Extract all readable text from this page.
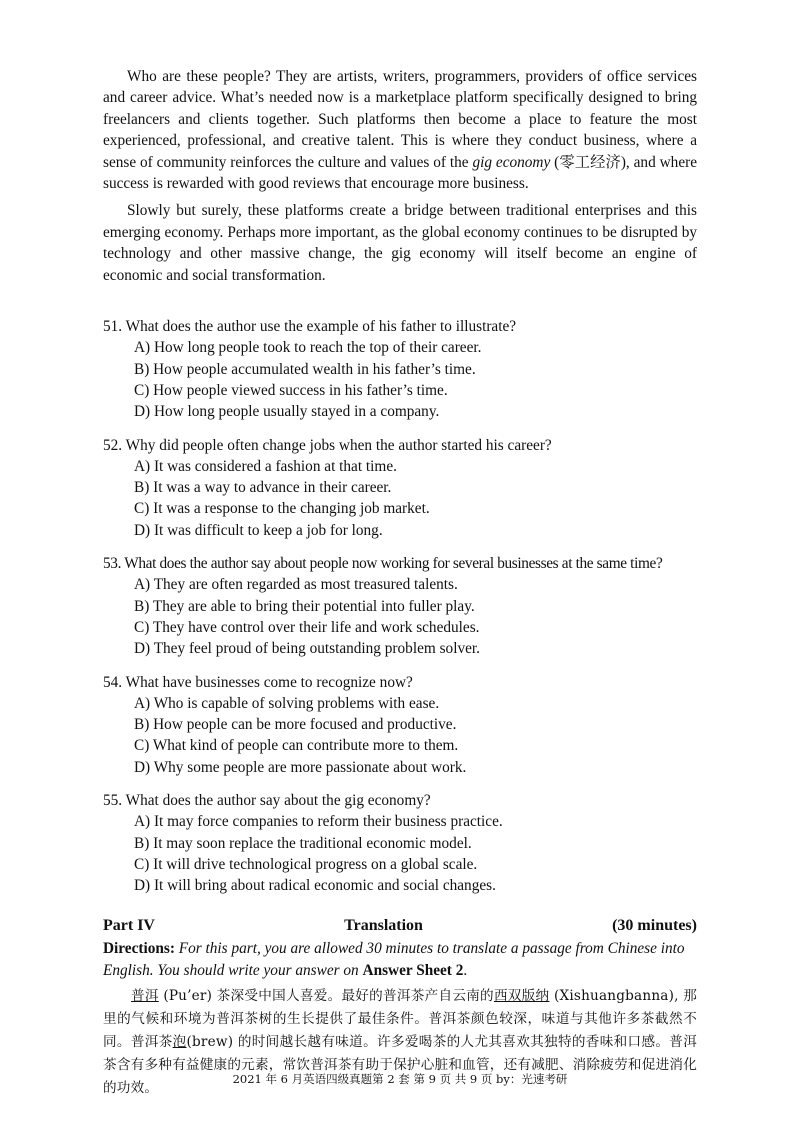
Who are these people? They are artists, writers, programmers, providers of office services and career advice. What’s needed now is a marketplace platform specifically designed to bring freelancers and clients together. Such platforms then become a place to feature the most experienced, professional, and creative talent. This is where they conduct business, where a sense of community reinforces the culture and values of the gig economy (零工经济), and where success is rewarded with good reviews that encourage more business.

Slowly but surely, these platforms create a bridge between traditional enterprises and this emerging economy. Perhaps more important, as the global economy continues to be disrupted by technology and other massive change, the gig economy will itself become an engine of economic and social transformation.

51. What does the author use the example of his father to illustrate?

A) How long people took to reach the top of their career.

B) How people accumulated wealth in his father’s time.

C) How people viewed success in his father’s time.

D) How long people usually stayed in a company.

52. Why did people often change jobs when the author started his career?

A) It was considered a fashion at that time.

B) It was a way to advance in their career.

C) It was a response to the changing job market.

D) It was difficult to keep a job for long.

53. What does the author say about people now working for several businesses at the same time?

A) They are often regarded as most treasured talents.

B) They are able to bring their potential into fuller play.

C) They have control over their life and work schedules.

D) They feel proud of being outstanding problem solver.

54. What have businesses come to recognize now?

A) Who is capable of solving problems with ease.

B) How people can be more focused and productive.

C) What kind of people can contribute more to them.

D) Why some people are more passionate about work.

55. What does the author say about the gig economy?

A) It may force companies to reform their business practice.

B) It may soon replace the traditional economic model.

C) It will drive technological progress on a global scale.

D) It will bring about radical economic and social changes.

Part IV	Translation	(30 minutes)

Directions: For this part, you are allowed 30 minutes to translate a passage from Chinese into English. You should write your answer on Answer Sheet 2.

普洱 (Pu’er) 茶深受中国人喜爱。最好的普洱茶产自云南的西双版纳 (Xishuangbanna), 那里的气候和环境为普洱茶树的生长提供了最佳条件。普洱茶颜色较深，味道与其他许多茶截然不同。普洱茶泡(brew) 的时间越长越有味道。许多爱喝茶的人尤其喜欢其独特的香味和口感。普洱茶含有多种有益健康的元素，常饮普洱茶有助于保护心脏和血管，还有减肥、消除疲劳和促进消化的功效。

2021 年 6 月英语四级真题第 2 套 第 9 页 共 9 页 by：光速考研
